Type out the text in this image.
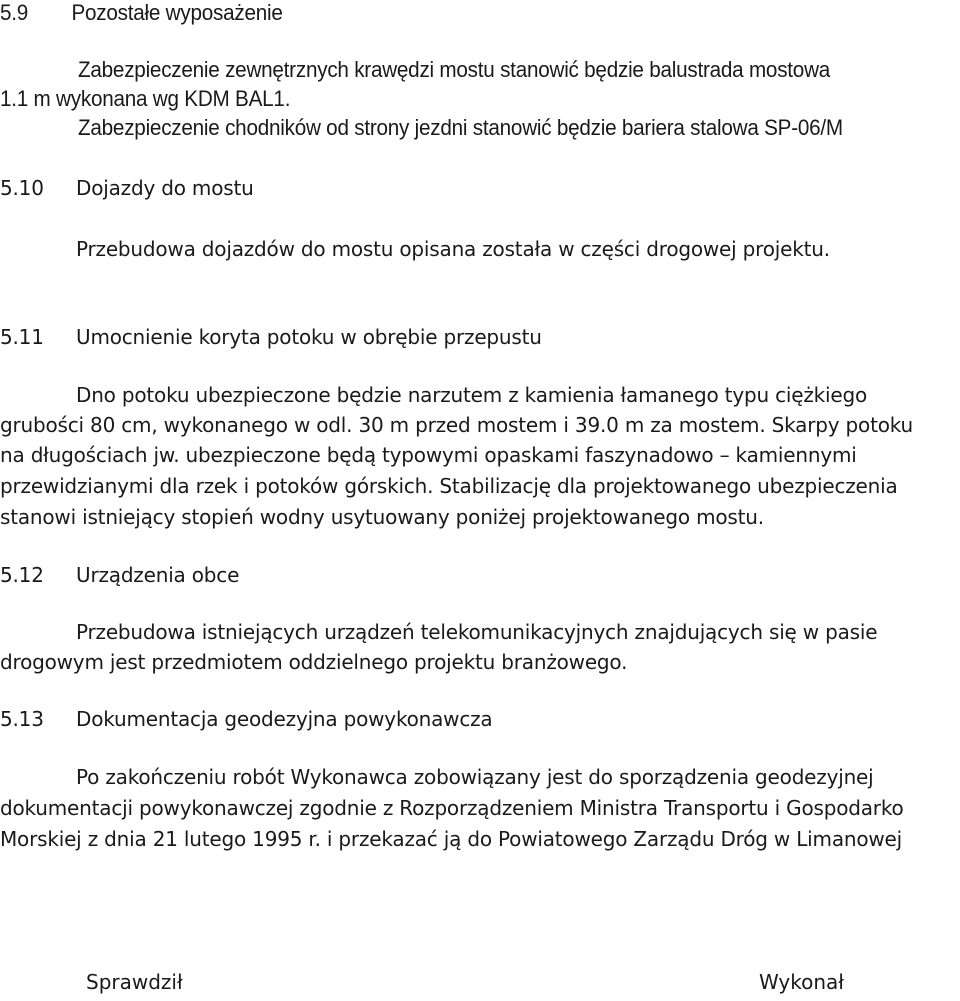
5.9 Pozostałe wyposażenie
Zabezpieczenie zewnętrznych krawędzi mostu stanowić będzie balustrada mostowa
1.1 m wykonana wg KDM BAL1.
Zabezpieczenie chodników od strony jezdni stanowić będzie bariera stalowa SP-06/M
5.10 Dojazdy do mostu
Przebudowa dojazdów do mostu opisana została w części drogowej projektu.
5.11 Umocnienie koryta potoku w obrębie przepustu
Dno potoku ubezpieczone będzie narzutem z kamienia łamanego typu ciężkiego
grubości 80 cm, wykonanego w odl. 30 m przed mostem i 39.0 m za mostem. Skarpy potoku
na długościach jw. ubezpieczone będą typowymi opaskami faszynadowo – kamiennymi
przewidzianymi dla rzek i potoków górskich. Stabilizację dla projektowanego ubezpieczenia
stanowi istniejący stopień wodny usytuowany poniżej projektowanego mostu.
5.12 Urządzenia obce
Przebudowa istniejących urządzeń telekomunikacyjnych znajdujących się w pasie
drogowym jest przedmiotem oddzielnego projektu branżowego.
5.13 Dokumentacja geodezyjna powykonawcza
Po zakończeniu robót Wykonawca zobowiązany jest do sporządzenia geodezyjnej
dokumentacji powykonawczej zgodnie z Rozporządzeniem Ministra Transportu i Gospodarko
Morskiej z dnia 21 lutego 1995 r. i przekazać ją do Powiatowego Zarządu Dróg w Limanowej
Sprawdził	Wykonał
